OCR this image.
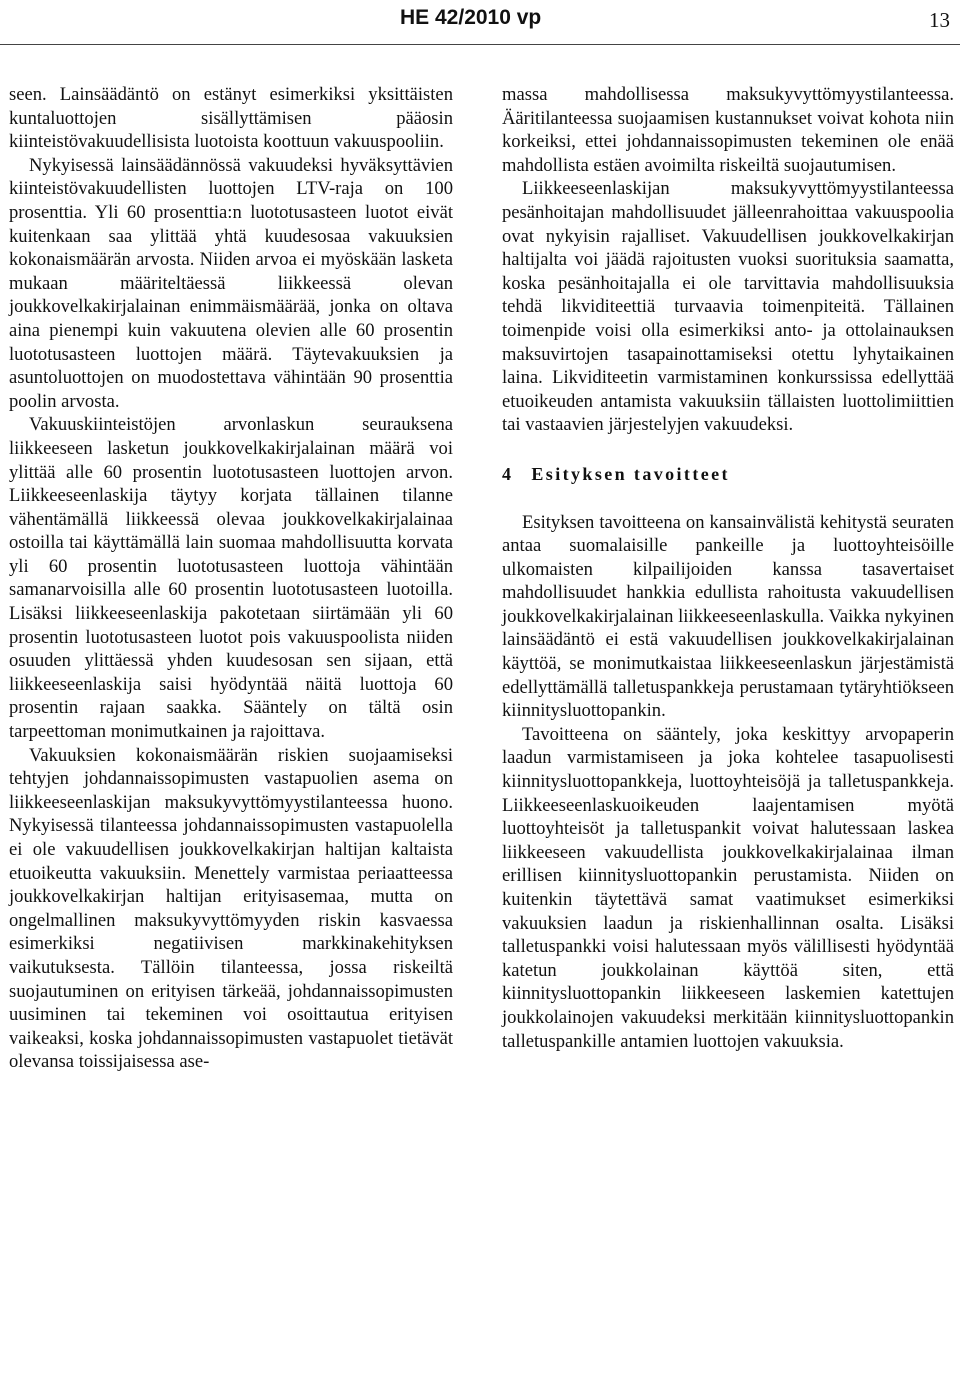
HE 42/2010 vp	13

seen. Lainsäädäntö on estänyt esimerkiksi yksittäisten kuntaluottojen sisällyttämisen pääosin kiinteistövakuudellisista luotoista koottuun vakuuspooliin.

Nykyisessä lainsäädännössä vakuudeksi hyväksyttävien kiinteistövakuudellisten luottojen LTV-raja on 100 prosenttia. Yli 60 prosenttia:n luototusasteen luotot eivät kuitenkaan saa ylittää yhtä kuudesosaa vakuuksien kokonaismäärän arvosta. Niiden arvoa ei myöskään lasketa mukaan määriteltäessä liikkeessä olevan joukkovelkakirjalainan enimmäismäärää, jonka on oltava aina pienempi kuin vakuutena olevien alle 60 prosentin luototusasteen luottojen määrä. Täytevakuuksien ja asuntoluottojen on muodostettava vähintään 90 prosenttia poolin arvosta.

Vakuuskiinteistöjen arvonlaskun seurauksena liikkeeseen lasketun joukkovelkakirjalainan määrä voi ylittää alle 60 prosentin luototusasteen luottojen arvon. Liikkeeseenlaskija täytyy korjata tällainen tilanne vähentämällä liikkeessä olevaa joukkovelkakirjalainaa ostoilla tai käyttämällä lain suomaa mahdollisuutta korvata yli 60 prosentin luototusasteen luottoja vähintään samanarvoisilla alle 60 prosentin luototusasteen luotoilla. Lisäksi liikkeeseenlaskija pakotetaan siirtämään yli 60 prosentin luototusasteen luotot pois vakuuspoolista niiden osuuden ylittäessä yhden kuudesosan sen sijaan, että liikkeeseenlaskija saisi hyödyntää näitä luottoja 60 prosentin rajaan saakka. Sääntely on tältä osin tarpeettoman monimutkainen ja rajoittava.

Vakuuksien kokonaismäärän riskien suojaamiseksi tehtyjen johdannaissopimusten vastapuolien asema on liikkeeseenlaskijan maksukyvyttömyystilanteessa huono. Nykyisessä tilanteessa johdannaissopimusten vastapuolella ei ole vakuudellisen joukkovelkakirjan haltijan kaltaista etuoikeutta vakuuksiin. Menettely varmistaa periaatteessa joukkovelkakirjan haltijan erityisasemaa, mutta on ongelmallinen maksukyvyttömyyden riskin kasvaessa esimerkiksi negatiivisen markkinakehityksen vaikutuksesta. Tällöin tilanteessa, jossa riskeiltä suojautuminen on erityisen tärkeää, johdannaissopimusten uusiminen tai tekeminen voi osoittautua erityisen vaikeaksi, koska johdannaissopimusten vastapuolet tietävät olevansa toissijaisessa ase-

massa mahdollisessa maksukyvyttömyystilanteessa. Ääritilanteessa suojaamisen kustannukset voivat kohota niin korkeiksi, ettei johdannaissopimusten tekeminen ole enää mahdollista estäen avoimilta riskeiltä suojautumisen.

Liikkeeseenlaskijan maksukyvyttömyystilanteessa pesänhoitajan mahdollisuudet jälleenrahoittaa vakuuspoolia ovat nykyisin rajalliset. Vakuudellisen joukkovelkakirjan haltijalta voi jäädä rajoitusten vuoksi suorituksia saamatta, koska pesänhoitajalla ei ole tarvittavia mahdollisuuksia tehdä likviditeettiä turvaavia toimenpiteitä. Tällainen toimenpide voisi olla esimerkiksi anto- ja ottolainauksen maksuvirtojen tasapainottamiseksi otettu lyhytaikainen laina. Likviditeetin varmistaminen konkurssissa edellyttää etuoikeuden antamista vakuuksiin tällaisten luottolimiittien tai vastaavien järjestelyjen vakuudeksi.

4 Esityksen tavoitteet

Esityksen tavoitteena on kansainvälistä kehitystä seuraten antaa suomalaisille pankeille ja luottoyhteisöille ulkomaisten kilpailijoiden kanssa tasavertaiset mahdollisuudet hankkia edullista rahoitusta vakuudellisen joukkovelkakirjalainan liikkeeseenlaskulla. Vaikka nykyinen lainsäädäntö ei estä vakuudellisen joukkovelkakirjalainan käyttöä, se monimutkaistaa liikkeeseenlaskun järjestämistä edellyttämällä talletuspankkeja perustamaan tytäryhtiökseen kiinnitysluottopankin.

Tavoitteena on sääntely, joka keskittyy arvopaperin laadun varmistamiseen ja joka kohtelee tasapuolisesti kiinnitysluottopankkeja, luottoyhteisöjä ja talletuspankkeja. Liikkeeseenlaskuoikeuden laajentamisen myötä luottoyhteisöt ja talletuspankit voivat halutessaan laskea liikkeeseen vakuudellista joukkovelkakirjalainaa ilman erillisen kiinnitysluottopankin perustamista. Niiden on kuitenkin täytettävä samat vaatimukset esimerkiksi vakuuksien laadun ja riskienhallinnan osalta. Lisäksi talletuspankki voisi halutessaan myös välillisesti hyödyntää katetun joukkolainan käyttöä siten, että kiinnitysluottopankin liikkeeseen laskemien katettujen joukkolainojen vakuudeksi merkitään kiinnitysluottopankin talletuspankille antamien luottojen vakuuksia.
